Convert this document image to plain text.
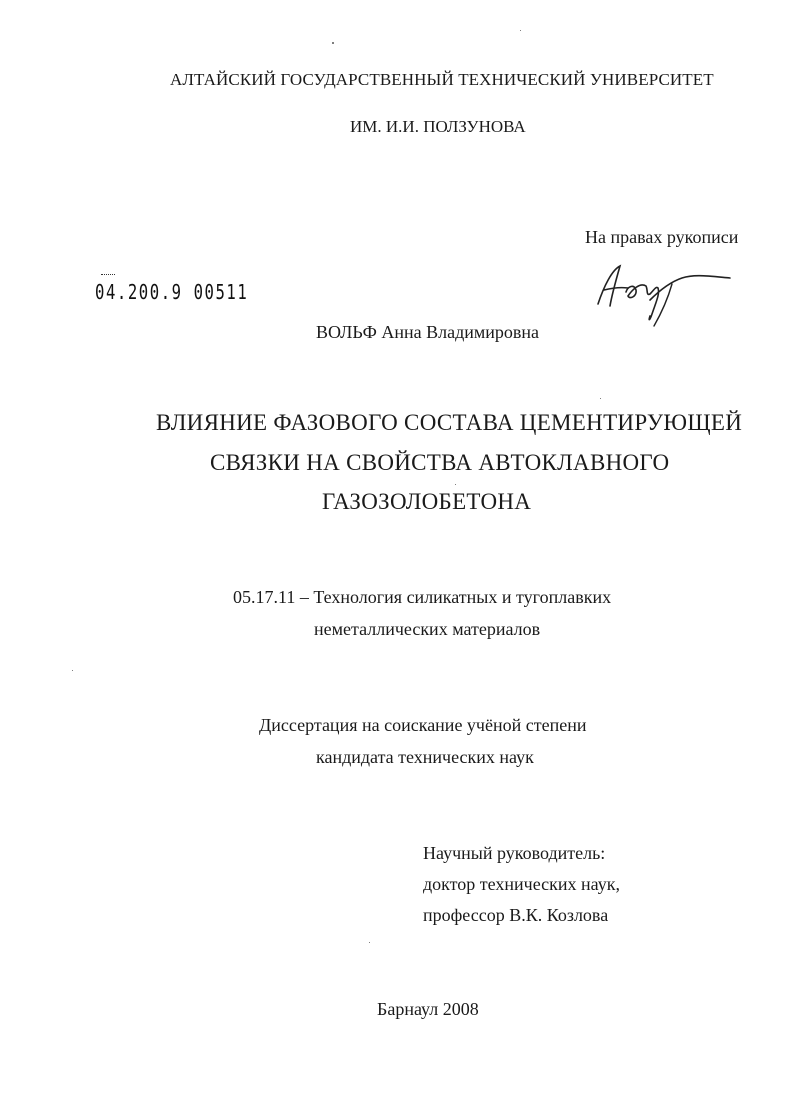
АЛТАЙСКИЙ ГОСУДАРСТВЕННЫЙ ТЕХНИЧЕСКИЙ УНИВЕРСИТЕТ
ИМ. И.И. ПОЛЗУНОВА
На правах рукописи
04.200.9 00511
ВОЛЬФ Анна Владимировна
ВЛИЯНИЕ ФАЗОВОГО СОСТАВА ЦЕМЕНТИРУЮЩЕЙ
СВЯЗКИ НА СВОЙСТВА АВТОКЛАВНОГО
ГАЗОЗОЛОБЕТОНА
05.17.11 – Технология силикатных и тугоплавких
неметаллических материалов
Диссертация на соискание учёной степени
кандидата технических наук
Научный руководитель:
доктор технических наук,
профессор В.К. Козлова
Барнаул 2008
